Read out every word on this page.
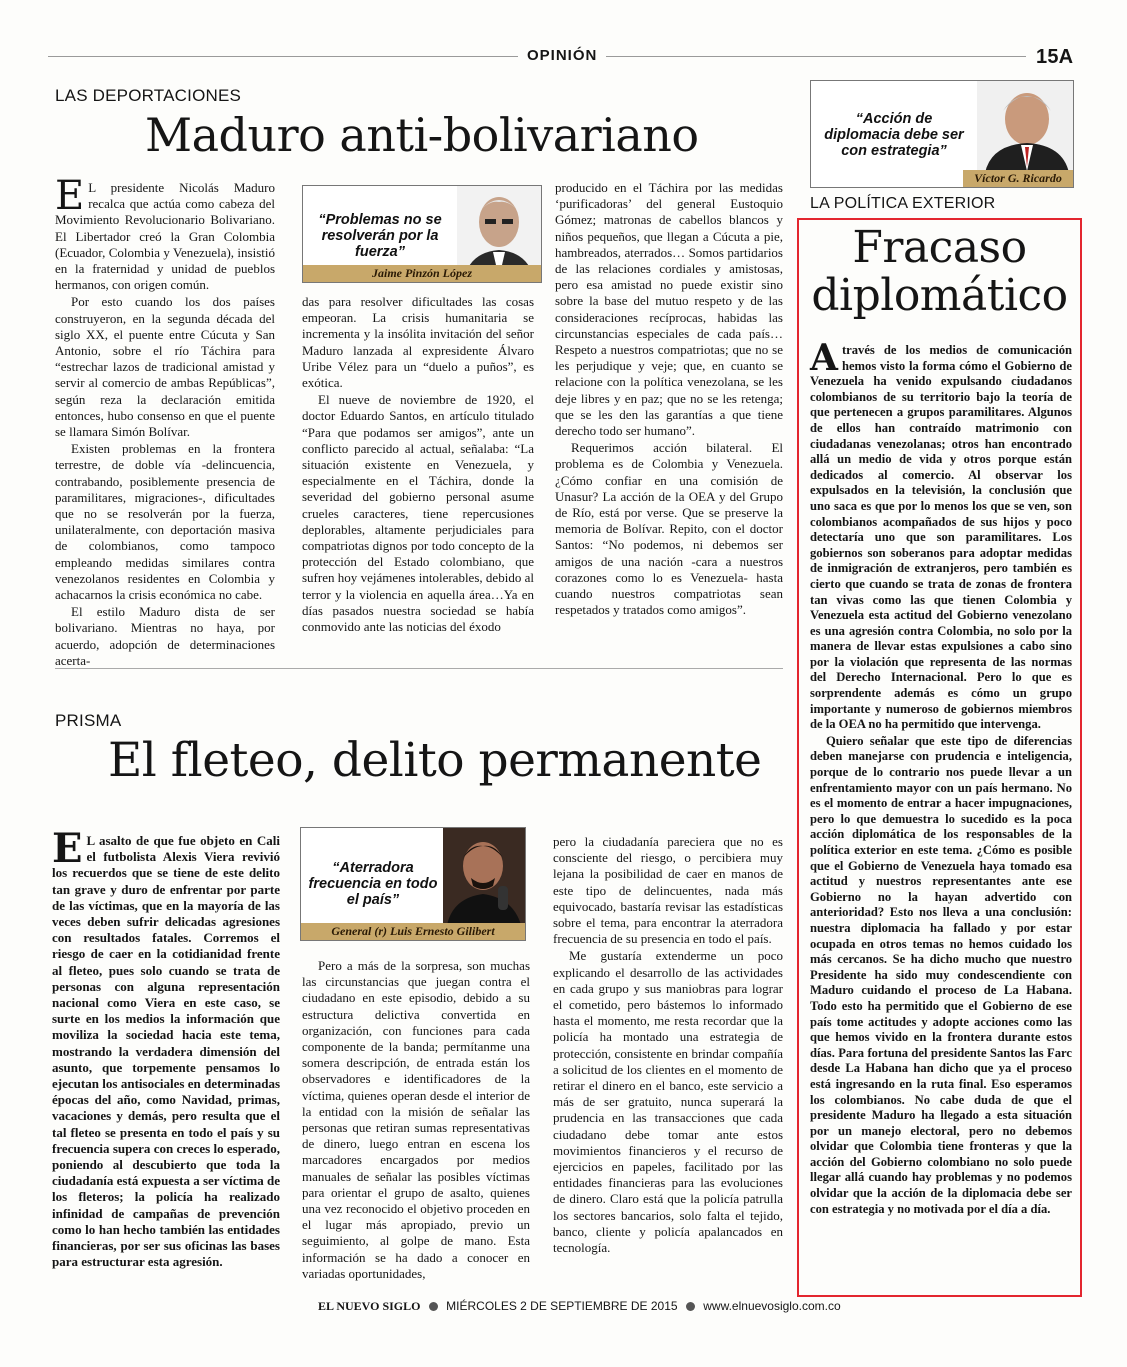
OPINIÓN	15A
LAS DEPORTACIONES
Maduro anti-bolivariano

E L presidente Nicolás Maduro recalca que actúa como cabeza del Movimiento Revolucionario Bolivariano. El Libertador creó la Gran Colombia (Ecuador, Colombia y Venezuela), insistió en la fraternidad y unidad de pueblos hermanos, con origen común.

Por esto cuando los dos países construyeron, en la segunda década del siglo XX, el puente entre Cúcuta y San Antonio, sobre el río Táchira para “estrechar lazos de tradicional amistad y servir al comercio de ambas Repúblicas”, según reza la declaración emitida entonces, hubo consenso en que el puente se llamara Simón Bolívar.

Existen problemas en la frontera terrestre, de doble vía -delincuencia, contrabando, posiblemente presencia de paramilitares, migraciones-, dificultades que no se resolverán por la fuerza, unilateralmente, con deportación masiva de colombianos, como tampoco empleando medidas similares contra venezolanos residentes en Colombia y achacarnos la crisis económica no cabe.

El estilo Maduro dista de ser bolivariano. Mientras no haya, por acuerdo, adopción de determinaciones acerta-

“Problemas no se resolverán por la fuerza”
Jaime Pinzón López

das para resolver dificultades las cosas empeoran. La crisis humanitaria se incrementa y la insólita invitación del señor Maduro lanzada al expresidente Álvaro Uribe Vélez para un “duelo a puños”, es exótica.

El nueve de noviembre de 1920, el doctor Eduardo Santos, en artículo titulado “Para que podamos ser amigos”, ante un conflicto parecido al actual, señalaba: “La situación existente en Venezuela, y especialmente en el Táchira, donde la severidad del gobierno personal asume crueles caracteres, tiene repercusiones deplorables, altamente perjudiciales para compatriotas dignos por todo concepto de la protección del Estado colombiano, que sufren hoy vejámenes intolerables, debido al terror y la violencia en aquella área…Ya en días pasados nuestra sociedad se había conmovido ante las noticias del éxodo

producido en el Táchira por las medidas ‘purificadoras’ del general Eustoquio Gómez; matronas de cabellos blancos y niños pequeños, que llegan a Cúcuta a pie, hambreados, aterrados… Somos partidarios de las relaciones cordiales y amistosas, pero esa amistad no puede existir sino sobre la base del mutuo respeto y de las consideraciones recíprocas, habidas las circunstancias especiales de cada país… Respeto a nuestros compatriotas; que no se les perjudique y veje; que, en cuanto se relacione con la política venezolana, se les deje libres y en paz; que no se les retenga; que se les den las garantías a que tiene derecho todo ser humano”.

Requerimos acción bilateral. El problema es de Colombia y Venezuela. ¿Cómo confiar en una comisión de Unasur? La acción de la OEA y del Grupo de Río, está por verse. Que se preserve la memoria de Bolívar. Repito, con el doctor Santos: “No podemos, ni debemos ser amigos de una nación -cara a nuestros corazones como lo es Venezuela- hasta cuando nuestros compatriotas sean respetados y tratados como amigos”.

PRISMA
El fleteo, delito permanente

E L asalto de que fue objeto en Cali el futbolista Alexis Viera revivió los recuerdos que se tiene de este delito tan grave y duro de enfrentar por parte de las víctimas, que en la mayoría de las veces deben sufrir delicadas agresiones con resultados fatales. Corremos el riesgo de caer en la cotidianidad frente al fleteo, pues solo cuando se trata de personas con alguna representación nacional como Viera en este caso, se surte en los medios la información que moviliza la sociedad hacia este tema, mostrando la verdadera dimensión del asunto, que torpemente pensamos lo ejecutan los antisociales en determinadas épocas del año, como Navidad, primas, vacaciones y demás, pero resulta que el tal fleteo se presenta en todo el país y su frecuencia supera con creces lo esperado, poniendo al descubierto que toda la ciudadanía está expuesta a ser víctima de los fleteros; la policía ha realizado infinidad de campañas de prevención como lo han hecho también las entidades financieras, por ser sus oficinas las bases para estructurar esta agresión.

“Aterradora frecuencia en todo el país”
General (r) Luis Ernesto Gilibert

Pero a más de la sorpresa, son muchas las circunstancias que juegan contra el ciudadano en este episodio, debido a su estructura delictiva convertida en organización, con funciones para cada componente de la banda; permítanme una somera descripción, de entrada están los observadores e identificadores de la víctima, quienes operan desde el interior de la entidad con la misión de señalar las personas que retiran sumas representativas de dinero, luego entran en escena los marcadores encargados por medios manuales de señalar las posibles víctimas para orientar el grupo de asalto, quienes una vez reconocido el objetivo proceden en el lugar más apropiado, previo un seguimiento, al golpe de mano. Esta información se ha dado a conocer en variadas oportunidades,

pero la ciudadanía pareciera que no es consciente del riesgo, o percibiera muy lejana la posibilidad de caer en manos de este tipo de delincuentes, nada más equivocado, bastaría revisar las estadísticas sobre el tema, para encontrar la aterradora frecuencia de su presencia en todo el país.

Me gustaría extenderme un poco explicando el desarrollo de las actividades en cada grupo y sus maniobras para lograr el cometido, pero bástemos lo informado hasta el momento, me resta recordar que la policía ha montado una estrategia de protección, consistente en brindar compañía a solicitud de los clientes en el momento de retirar el dinero en el banco, este servicio a más de ser gratuito, nunca superará la prudencia en las transacciones que cada ciudadano debe tomar ante estos movimientos financieros y el recurso de ejercicios en papeles, facilitado por las entidades financieras para las evoluciones de dinero. Claro está que la policía patrulla los sectores bancarios, solo falta el tejido, banco, cliente y policía apalancados en tecnología.

“Acción de diplomacia debe ser con estrategia”
Víctor G. Ricardo
LA POLÍTICA EXTERIOR
Fracaso
diplomático

A través de los medios de comunicación hemos visto la forma cómo el Gobierno de Venezuela ha venido expulsando ciudadanos colombianos de su territorio bajo la teoría de que pertenecen a grupos paramilitares. Algunos de ellos han contraído matrimonio con ciudadanas venezolanas; otros han encontrado allá un medio de vida y otros porque están dedicados al comercio. Al observar los expulsados en la televisión, la conclusión que uno saca es que por lo menos los que se ven, son colombianos acompañados de sus hijos y poco detectaría uno que son paramilitares. Los gobiernos son soberanos para adoptar medidas de inmigración de extranjeros, pero también es cierto que cuando se trata de zonas de frontera tan vivas como las que tienen Colombia y Venezuela esta actitud del Gobierno venezolano es una agresión contra Colombia, no solo por la manera de llevar estas expulsiones a cabo sino por la violación que representa de las normas del Derecho Internacional. Pero lo que es sorprendente además es cómo un grupo importante y numeroso de gobiernos miembros de la OEA no ha permitido que intervenga.

Quiero señalar que este tipo de diferencias deben manejarse con prudencia e inteligencia, porque de lo contrario nos puede llevar a un enfrentamiento mayor con un país hermano. No es el momento de entrar a hacer impugnaciones, pero lo que demuestra lo sucedido es la poca acción diplomática de los responsables de la política exterior en este tema. ¿Cómo es posible que el Gobierno de Venezuela haya tomado esa actitud y nuestros representantes ante ese Gobierno no la hayan advertido con anterioridad? Esto nos lleva a una conclusión: nuestra diplomacia ha fallado y por estar ocupada en otros temas no hemos cuidado los más cercanos. Se ha dicho mucho que nuestro Presidente ha sido muy condescendiente con Maduro cuidando el proceso de La Habana. Todo esto ha permitido que el Gobierno de ese país tome actitudes y adopte acciones como las que hemos vivido en la frontera durante estos días. Para fortuna del presidente Santos las Farc desde La Habana han dicho que ya el proceso está ingresando en la ruta final. Eso esperamos los colombianos. No cabe duda de que el presidente Maduro ha llegado a esta situación por un manejo electoral, pero no debemos olvidar que Colombia tiene fronteras y que la acción del Gobierno colombiano no solo puede llegar allá cuando hay problemas y no podemos olvidar que la acción de la diplomacia debe ser con estrategia y no motivada por el día a día.

EL NUEVO SIGLO MIÉRCOLES 2 DE SEPTIEMBRE DE 2015 www.elnuevosiglo.com.co
